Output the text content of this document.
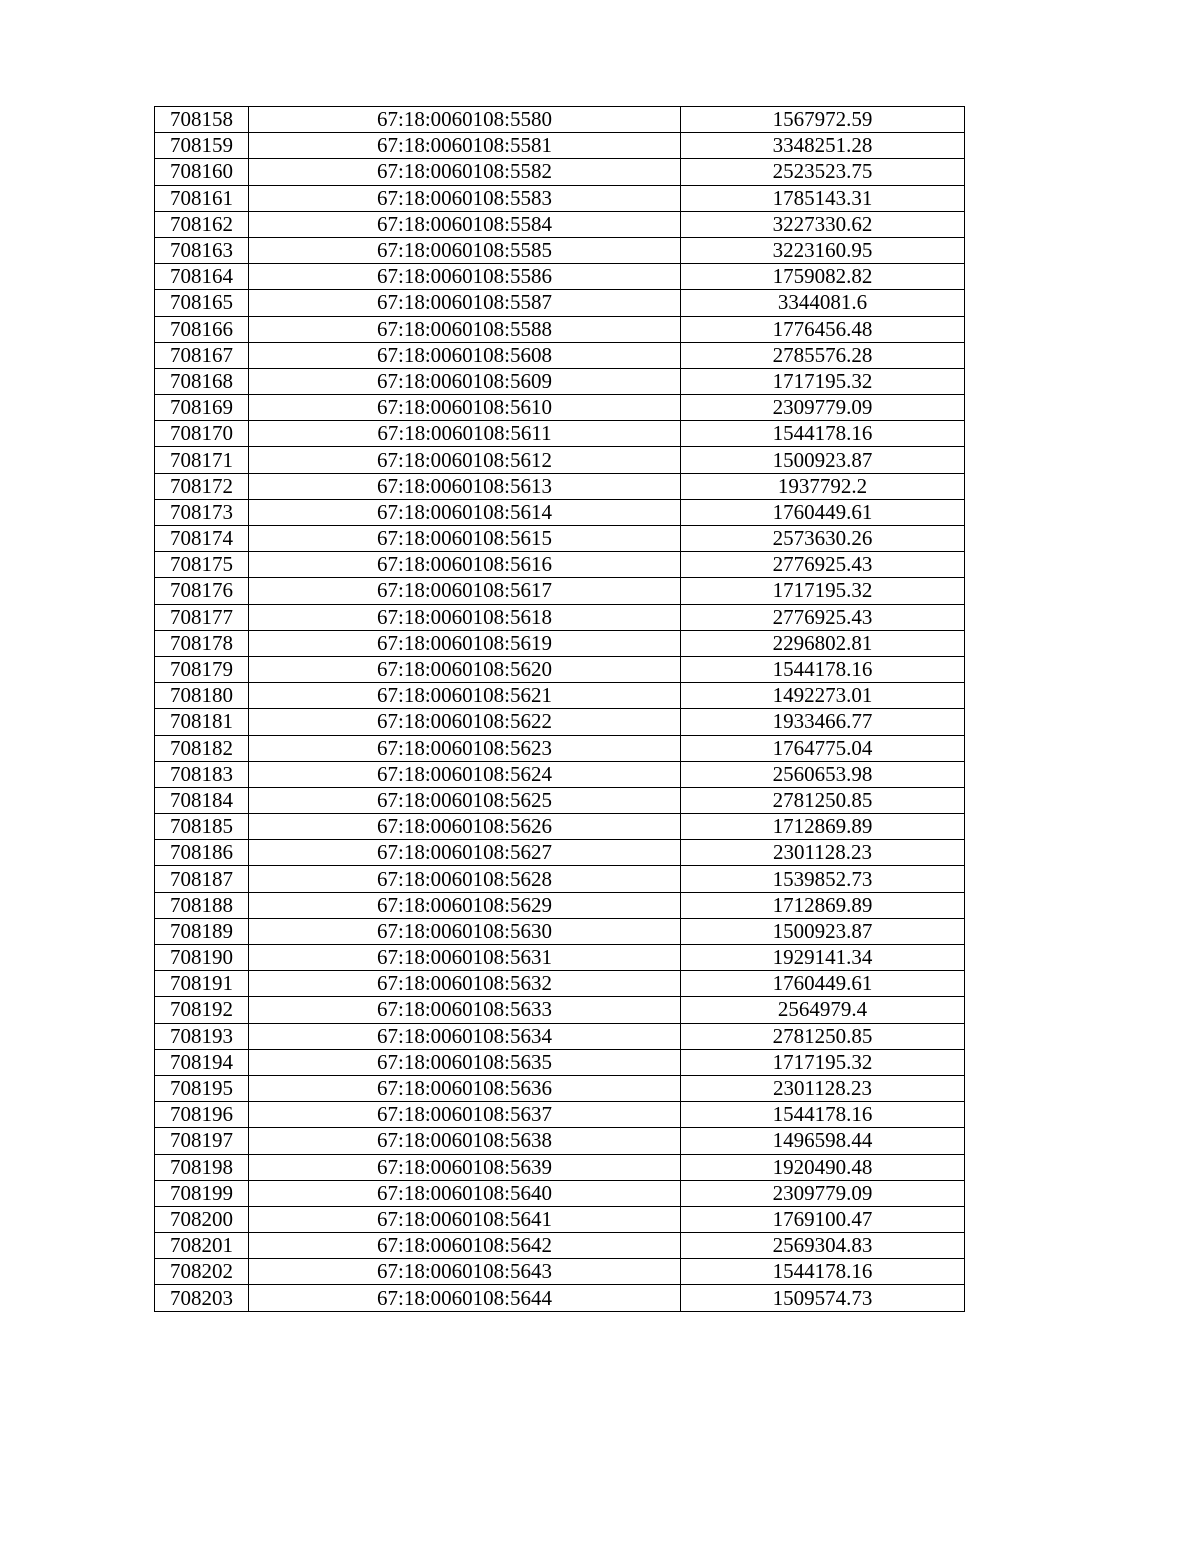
708158	67:18:0060108:5580	1567972.59
708159	67:18:0060108:5581	3348251.28
708160	67:18:0060108:5582	2523523.75
708161	67:18:0060108:5583	1785143.31
708162	67:18:0060108:5584	3227330.62
708163	67:18:0060108:5585	3223160.95
708164	67:18:0060108:5586	1759082.82
708165	67:18:0060108:5587	3344081.6
708166	67:18:0060108:5588	1776456.48
708167	67:18:0060108:5608	2785576.28
708168	67:18:0060108:5609	1717195.32
708169	67:18:0060108:5610	2309779.09
708170	67:18:0060108:5611	1544178.16
708171	67:18:0060108:5612	1500923.87
708172	67:18:0060108:5613	1937792.2
708173	67:18:0060108:5614	1760449.61
708174	67:18:0060108:5615	2573630.26
708175	67:18:0060108:5616	2776925.43
708176	67:18:0060108:5617	1717195.32
708177	67:18:0060108:5618	2776925.43
708178	67:18:0060108:5619	2296802.81
708179	67:18:0060108:5620	1544178.16
708180	67:18:0060108:5621	1492273.01
708181	67:18:0060108:5622	1933466.77
708182	67:18:0060108:5623	1764775.04
708183	67:18:0060108:5624	2560653.98
708184	67:18:0060108:5625	2781250.85
708185	67:18:0060108:5626	1712869.89
708186	67:18:0060108:5627	2301128.23
708187	67:18:0060108:5628	1539852.73
708188	67:18:0060108:5629	1712869.89
708189	67:18:0060108:5630	1500923.87
708190	67:18:0060108:5631	1929141.34
708191	67:18:0060108:5632	1760449.61
708192	67:18:0060108:5633	2564979.4
708193	67:18:0060108:5634	2781250.85
708194	67:18:0060108:5635	1717195.32
708195	67:18:0060108:5636	2301128.23
708196	67:18:0060108:5637	1544178.16
708197	67:18:0060108:5638	1496598.44
708198	67:18:0060108:5639	1920490.48
708199	67:18:0060108:5640	2309779.09
708200	67:18:0060108:5641	1769100.47
708201	67:18:0060108:5642	2569304.83
708202	67:18:0060108:5643	1544178.16
708203	67:18:0060108:5644	1509574.73
